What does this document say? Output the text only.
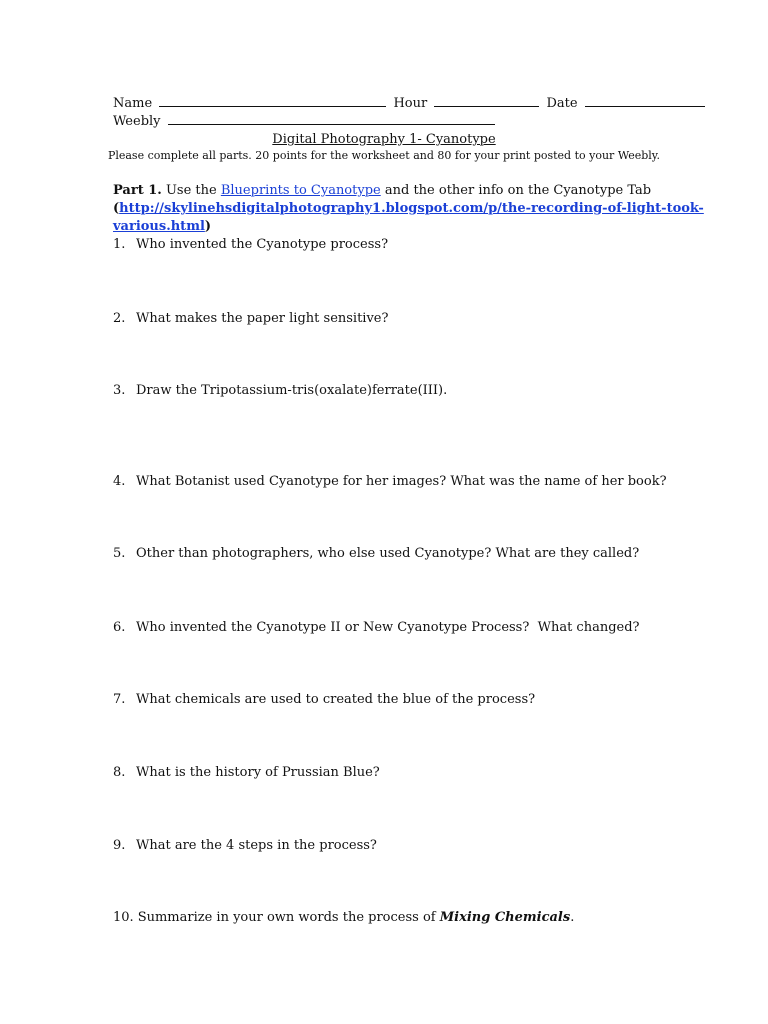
Name	Hour	Date
Weebly
Digital Photography 1- Cyanotype
Please complete all parts. 20 points for the worksheet and 80 for your print posted to your Weebly.
Part 1. Use the Blueprints to Cyanotype and the other info on the Cyanotype Tab
(http://skylinehsdigitalphotography1.blogspot.com/p/the-recording-of-light-took-
various.html)
1. Who invented the Cyanotype process?
2. What makes the paper light sensitive?
3. Draw the Tripotassium-tris(oxalate)ferrate(III).
4. What Botanist used Cyanotype for her images? What was the name of her book?
5. Other than photographers, who else used Cyanotype? What are they called?
6. Who invented the Cyanotype II or New Cyanotype Process?  What changed?
7. What chemicals are used to created the blue of the process?
8. What is the history of Prussian Blue?
9. What are the 4 steps in the process?
10. Summarize in your own words the process of Mixing Chemicals.
